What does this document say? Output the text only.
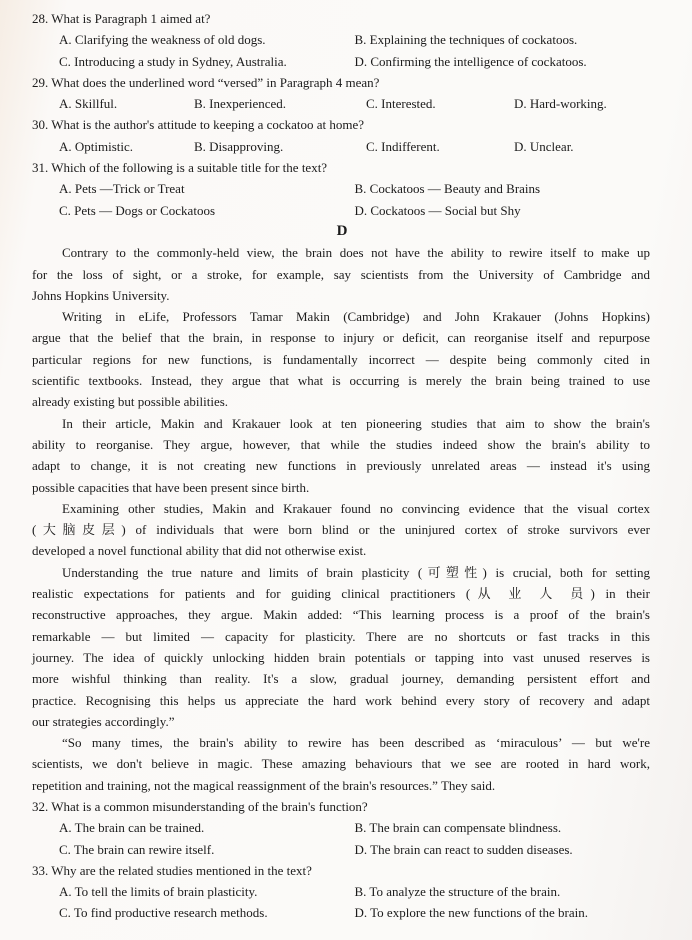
28. What is Paragraph 1 aimed at?
A. Clarifying the weakness of old dogs.	B. Explaining the techniques of cockatoos.
C. Introducing a study in Sydney, Australia.	D. Confirming the intelligence of cockatoos.
29. What does the underlined word “versed” in Paragraph 4 mean?
A. Skillful.	B. Inexperienced.	C. Interested.	D. Hard-working.
30. What is the author's attitude to keeping a cockatoo at home?
A. Optimistic.	B. Disapproving.	C. Indifferent.	D. Unclear.
31. Which of the following is a suitable title for the text?
A. Pets —Trick or Treat	B. Cockatoos — Beauty and Brains
C. Pets — Dogs or Cockatoos	D. Cockatoos — Social but Shy
D
Contrary to the commonly-held view, the brain does not have the ability to rewire itself to make up
for the loss of sight, or a stroke, for example, say scientists from the University of Cambridge and
Johns Hopkins University.
Writing in eLife, Professors Tamar Makin (Cambridge) and John Krakauer (Johns Hopkins)
argue that the belief that the brain, in response to injury or deficit, can reorganise itself and repurpose
particular regions for new functions, is fundamentally incorrect — despite being commonly cited in
scientific textbooks. Instead, they argue that what is occurring is merely the brain being trained to use
already existing but possible abilities.
In their article, Makin and Krakauer look at ten pioneering studies that aim to show the brain's
ability to reorganise. They argue, however, that while the studies indeed show the brain's ability to
adapt to change, it is not creating new functions in previously unrelated areas — instead it's using
possible capacities that have been present since birth.
Examining other studies, Makin and Krakauer found no convincing evidence that the visual cortex
(大脑皮层) of individuals that were born blind or the uninjured cortex of stroke survivors ever
developed a novel functional ability that did not otherwise exist.
Understanding the true nature and limits of brain plasticity (可塑性) is crucial, both for setting
realistic expectations for patients and for guiding clinical practitioners (从 业 人 员) in their
reconstructive approaches, they argue. Makin added: “This learning process is a proof of the brain's
remarkable — but limited — capacity for plasticity. There are no shortcuts or fast tracks in this
journey. The idea of quickly unlocking hidden brain potentials or tapping into vast unused reserves is
more wishful thinking than reality. It's a slow, gradual journey, demanding persistent effort and
practice. Recognising this helps us appreciate the hard work behind every story of recovery and adapt
our strategies accordingly.”
“So many times, the brain's ability to rewire has been described as ‘miraculous’ — but we're
scientists, we don't believe in magic. These amazing behaviours that we see are rooted in hard work,
repetition and training, not the magical reassignment of the brain's resources.” They said.
32. What is a common misunderstanding of the brain's function?
A. The brain can be trained.	B. The brain can compensate blindness.
C. The brain can rewire itself.	D. The brain can react to sudden diseases.
33. Why are the related studies mentioned in the text?
A. To tell the limits of brain plasticity.	B. To analyze the structure of the brain.
C. To find productive research methods.	D. To explore the new functions of the brain.
